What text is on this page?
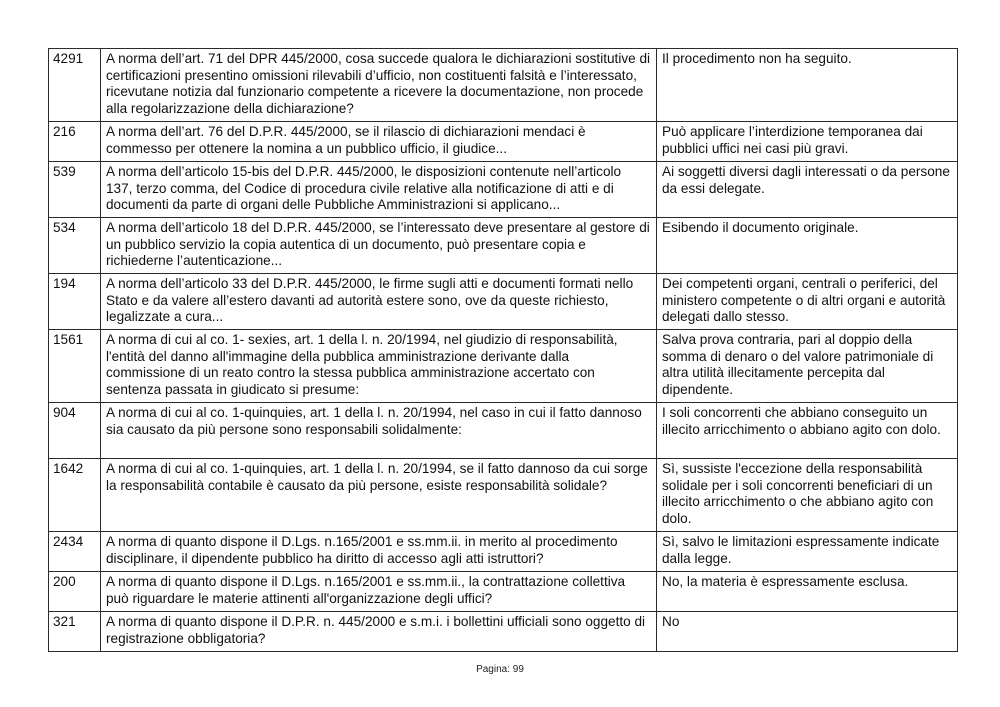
4291	A norma dell’art. 71 del DPR 445/2000, cosa succede qualora le dichiarazioni sostitutive di certificazioni presentino omissioni rilevabili d’ufficio, non costituenti falsità e l’interessato, ricevutane notizia dal funzionario competente a ricevere la documentazione, non procede alla regolarizzazione della dichiarazione?	Il procedimento non ha seguito.
216	A norma dell’art. 76 del D.P.R. 445/2000, se il rilascio di dichiarazioni mendaci è commesso per ottenere la nomina a un pubblico ufficio, il giudice...	Può applicare l’interdizione temporanea dai pubblici uffici nei casi più gravi.
539	A norma dell’articolo 15-bis del D.P.R. 445/2000, le disposizioni contenute nell’articolo 137, terzo comma, del Codice di procedura civile relative alla notificazione di atti e di documenti da parte di organi delle Pubbliche Amministrazioni si applicano...	Ai soggetti diversi dagli interessati o da persone da essi delegate.
534	A norma dell’articolo 18 del D.P.R. 445/2000, se l’interessato deve presentare al gestore di un pubblico servizio la copia autentica di un documento, può presentare copia e richiederne l’autenticazione...	Esibendo il documento originale.
194	A norma dell’articolo 33 del D.P.R. 445/2000, le firme sugli atti e documenti formati nello Stato e da valere all’estero davanti ad autorità estere sono, ove da queste richiesto, legalizzate a cura...	Dei competenti organi, centrali o periferici, del ministero competente o di altri organi e autorità delegati dallo stesso.
1561	A norma di cui al co. 1- sexies, art. 1 della l. n. 20/1994, nel giudizio di responsabilità, l'entità del danno all'immagine della pubblica amministrazione derivante dalla commissione di un reato contro la stessa pubblica amministrazione accertato con sentenza passata in giudicato si presume:	Salva prova contraria, pari al doppio della somma di denaro o del valore patrimoniale di altra utilità illecitamente percepita dal dipendente.
904	A norma di cui al co. 1-quinquies, art. 1 della l. n. 20/1994, nel caso in cui il fatto dannoso sia causato da più persone sono responsabili solidalmente:	I soli concorrenti che abbiano conseguito un illecito arricchimento o abbiano agito con dolo.
1642	A norma di cui al co. 1-quinquies, art. 1 della l. n. 20/1994, se il fatto dannoso da cui sorge la responsabilità contabile è causato da più persone, esiste responsabilità solidale?	Sì, sussiste l'eccezione della responsabilità solidale per i soli concorrenti beneficiari di un illecito arricchimento o che abbiano agito con dolo.
2434	A norma di quanto dispone il D.Lgs. n.165/2001 e ss.mm.ii. in merito al procedimento disciplinare, il dipendente pubblico ha diritto di accesso agli atti istruttori?	Sì, salvo le limitazioni espressamente indicate dalla legge.
200	A norma di quanto dispone il D.Lgs. n.165/2001 e ss.mm.ii., la contrattazione collettiva può riguardare le materie attinenti all'organizzazione degli uffici?	No, la materia è espressamente esclusa.
321	A norma di quanto dispone il D.P.R. n. 445/2000 e s.m.i. i bollettini ufficiali sono oggetto di registrazione obbligatoria?	No
Pagina: 99
